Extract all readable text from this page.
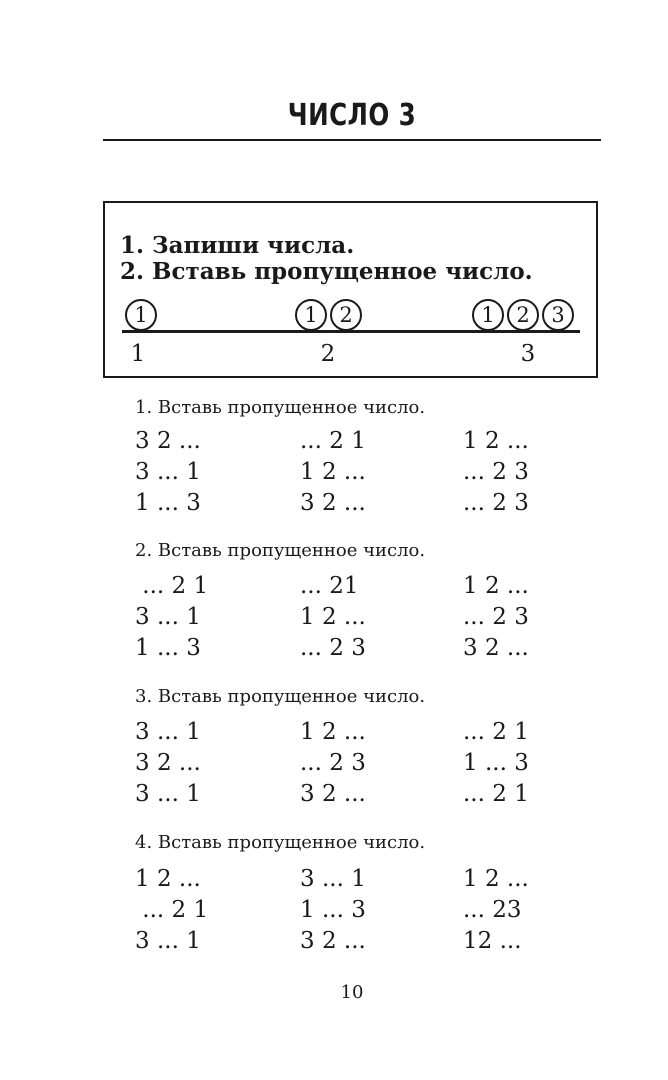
ЧИСЛО 3
1. Запиши числа.
2. Вставь пропущенное число.
1	1	2	1	2	3
1	2	3
1. Вставь пропущенное число.
3 2 ...	... 2 1	1 2 ...
3 ... 1	1 2 ...	... 2 3
1 ... 3	3 2 ...	... 2 3
2. Вставь пропущенное число.
... 2 1	... 21	1 2 ...
3 ... 1	1 2 ...	... 2 3
1 ... 3	... 2 3	3 2 ...
3. Вставь пропущенное число.
3 ... 1	1 2 ...	... 2 1
3 2 ...	... 2 3	1 ... 3
3 ... 1	3 2 ...	... 2 1
4. Вставь пропущенное число.
1 2 ...	3 ... 1	1 2 ...
... 2 1	1 ... 3	... 23
3 ... 1	3 2 ...	12 ...
10
